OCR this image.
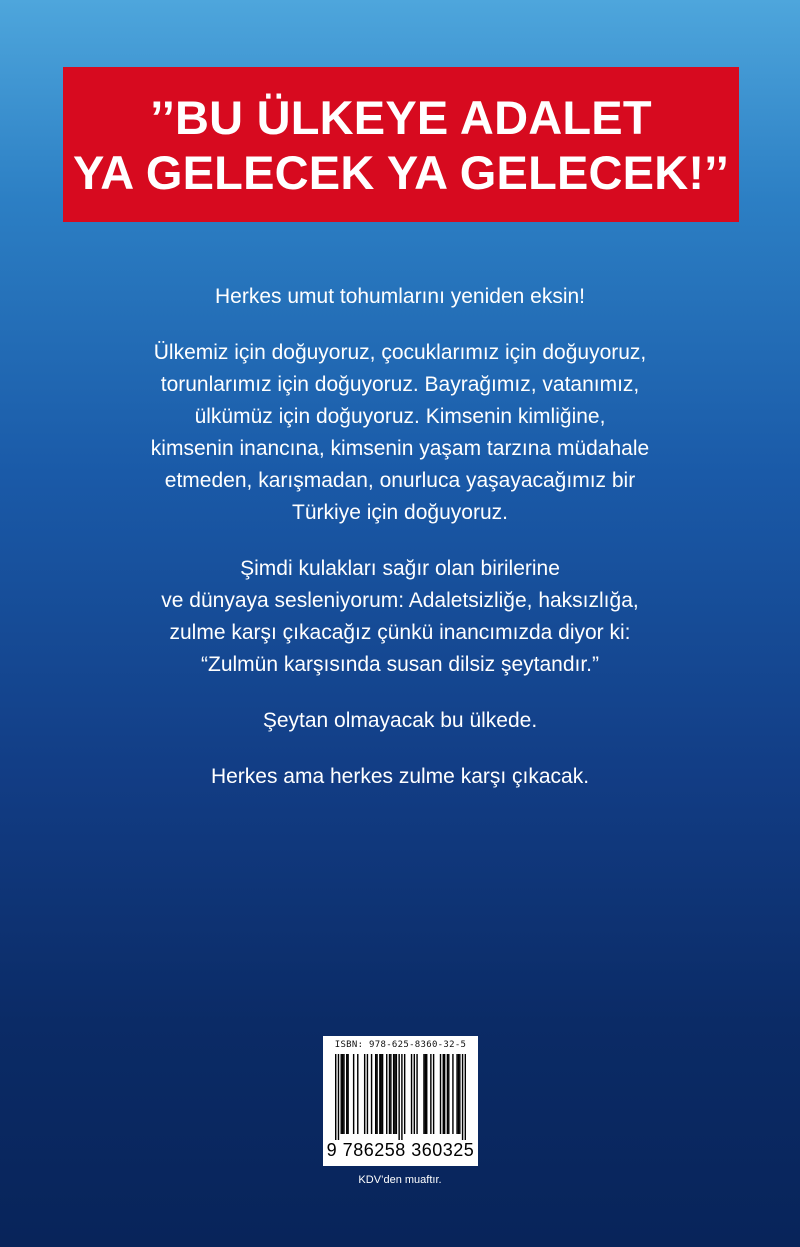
’’BU ÜLKEYE ADALET
YA GELECEK YA GELECEK!’’

Herkes umut tohumlarını yeniden eksin!

Ülkemiz için doğuyoruz, çocuklarımız için doğuyoruz,
torunlarımız için doğuyoruz. Bayrağımız, vatanımız,
ülkümüz için doğuyoruz. Kimsenin kimliğine,
kimsenin inancına, kimsenin yaşam tarzına müdahale
etmeden, karışmadan, onurluca yaşayacağımız bir
Türkiye için doğuyoruz.

Şimdi kulakları sağır olan birilerine
ve dünyaya sesleniyorum: Adaletsizliğe, haksızlığa,
zulme karşı çıkacağız çünkü inancımızda diyor ki:
“Zulmün karşısında susan dilsiz şeytandır.”

Şeytan olmayacak bu ülkede.

Herkes ama herkes zulme karşı çıkacak.

ISBN: 978-625-8360-32-5
9 786258 360325
KDV’den muaftır.
